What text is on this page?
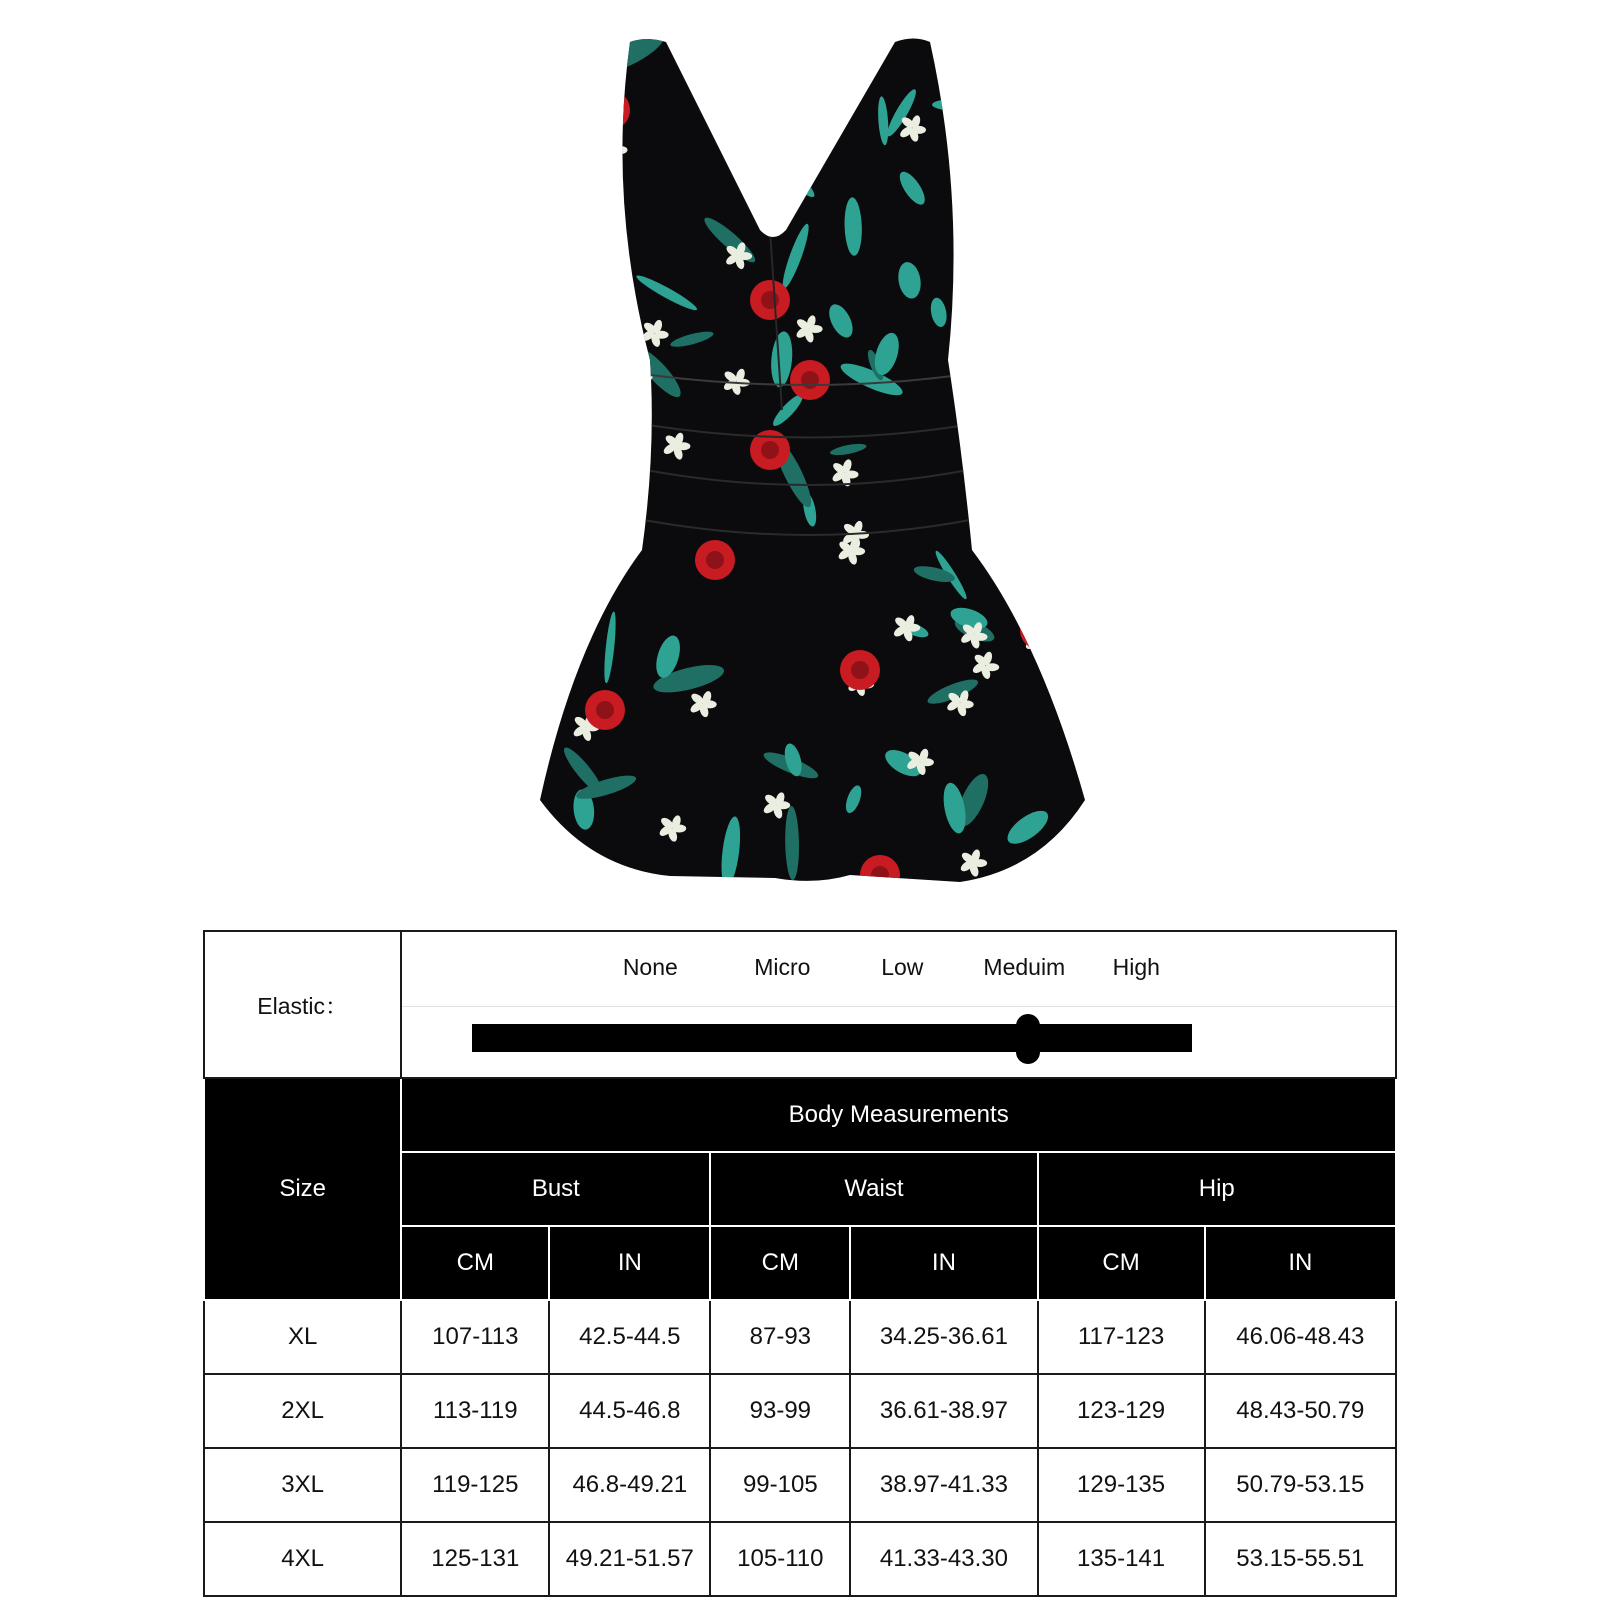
Elastic：	None Micro Low Meduim High					

Size	Body Measurements					
	Bust		Waist		Hip	
	CM	IN	CM	IN	CM	IN
XL	107-113	42.5-44.5	87-93	34.25-36.61	117-123	46.06-48.43
2XL	113-119	44.5-46.8	93-99	36.61-38.97	123-129	48.43-50.79
3XL	119-125	46.8-49.21	99-105	38.97-41.33	129-135	50.79-53.15
4XL	125-131	49.21-51.57	105-110	41.33-43.30	135-141	53.15-55.51
